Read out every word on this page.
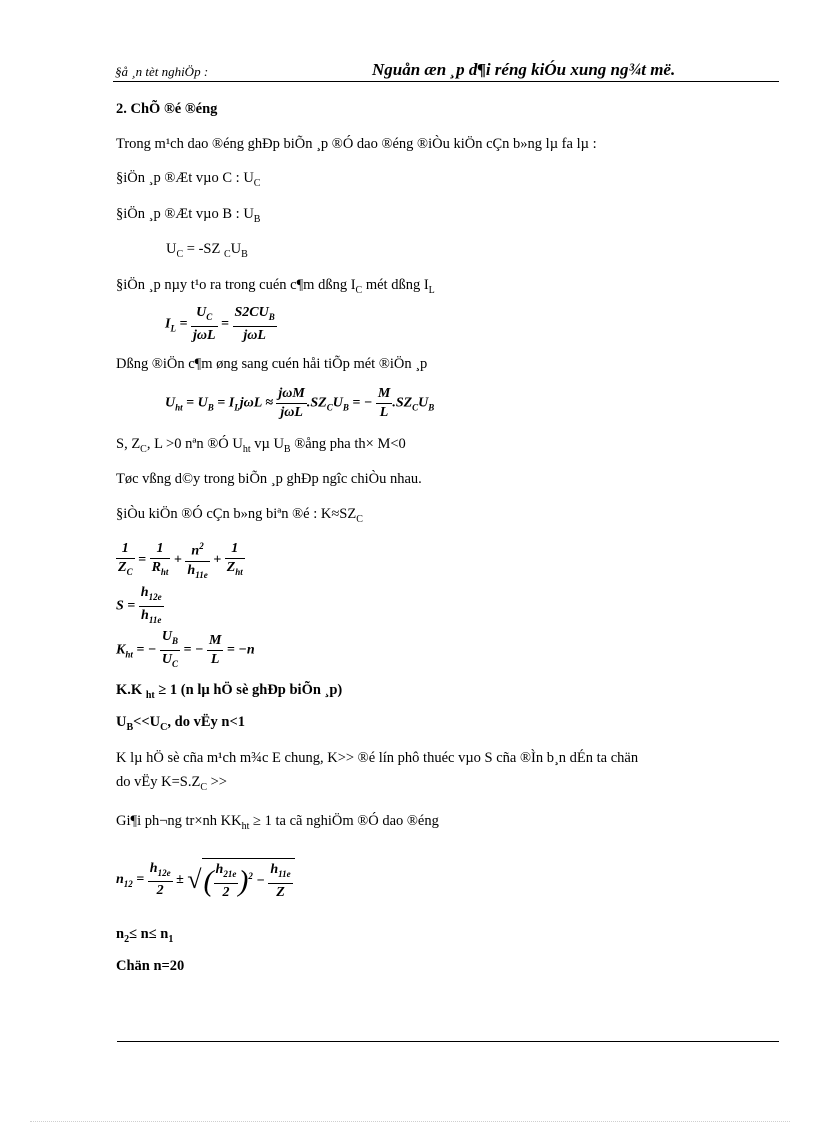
§å ¸n tèt nghiÖp :	Nguån æn ¸p d¶i réng kiÓu xung ng¾t më.
2. ChÕ ®é ®éng
Trong m¹ch dao ®éng ghÐp biÕn ¸p ®Ó dao ®éng ®iÒu kiÖn cÇn b»ng lµ fa lµ :
§iÖn ¸p ®Æt vµo C : $U_C$
§iÖn ¸p ®Æt vµo B : $U_B$
$U_C = -SZ$ $_CU_B$
§iÖn ¸p nµy t¹o ra trong cuén c¶m dßng $I_C$ mét dßng $I_L$
$I_L = \frac{U_C}{\text{jωL}} = \frac{S2CU_B}{\text{jωL}}$
Dßng ®iÖn c¶m øng sang cuén håi tiÕp mét ®iÖn ¸p
$U_{ht} = U_B = I_Lj\omega L \approx \frac{\text{jωM}}{\text{jωL}} .SZ_CU_B$ = − $\frac{M}{L} .SZ_CU_B$
S, $Z_C$, L >0 nªn ®Ó $U_{ht}$ vµ $U_B$ ®ång pha th× M<0
Tøc vßng d©y trong biÕn ¸p ghÐp ngîc chiÒu nhau.
§iÒu kiÖn ®Ó cÇn b»ng biªn ®é : $K\approx SZ_C$
$\frac{1}{Z_C} = \frac{1}{R_{ht}} + \frac{n^2}{h_{11e}} + \frac{1}{Z_{ht}}$
$S = \frac{h_{12e}}{h_{11e}}$
$K_{ht}$ = − $\frac{U_B}{U_C}$ = − $\frac{M}{L} = -n$
K.K $_{ht}$ ≥ 1 (n lµ hÖ sè ghÐp biÕn ¸p)
$U_B<<U_C$, do vËy n<1
K lµ hÖ sè cña m¹ch m¾c E chung, K>> ®é lín phô thuéc vµo S cña ®Ìn b¸n dÉn ta chän
do vËy $K=S.Z_C$ >>
Gi¶i ph¬ng tr×nh $KK_{ht} \ge 1$ ta cã nghiÖm ®Ó dao ®éng
$n_{12} = \frac{h_{12e}}{2}$ ± √( $\frac{h_{21e}}{2} )^2 - \frac{h_{11e}}{Z}$
$n_2\le n\le n_1$
Chän n=20
